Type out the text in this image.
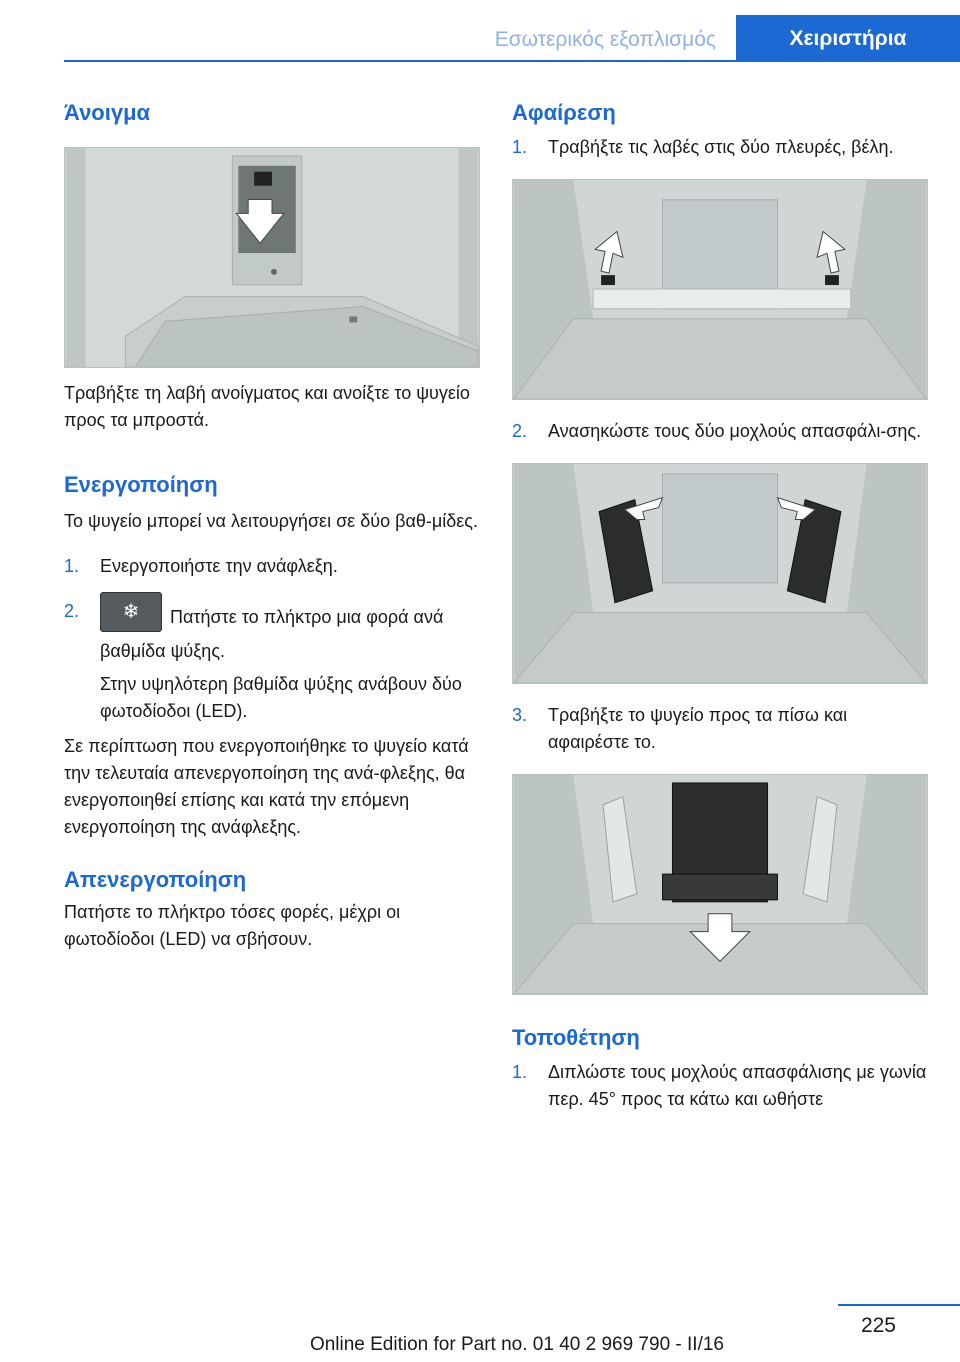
Εσωτερικός εξοπλισμός	Χειριστήρια
Άνοιγμα

Τραβήξτε τη λαβή ανοίγματος και ανοίξτε το ψυγείο προς τα μπροστά.

Ενεργοποίηση

Το ψυγείο μπορεί να λειτουργήσει σε δύο βαθ-μίδες.

1.	Ενεργοποιήστε την ανάφλεξη.
2.	❄ Πατήστε το πλήκτρο μια φορά ανά βαθμίδα ψύξης.

Στην υψηλότερη βαθμίδα ψύξης ανάβουν δύο φωτοδίοδοι (LED).

Σε περίπτωση που ενεργοποιήθηκε το ψυγείο κατά την τελευταία απενεργοποίηση της ανά-φλεξης, θα ενεργοποιηθεί επίσης και κατά την επόμενη ενεργοποίηση της ανάφλεξης.

Απενεργοποίηση

Πατήστε το πλήκτρο τόσες φορές, μέχρι οι φωτοδίοδοι (LED) να σβήσουν.

Αφαίρεση
1.	Τραβήξτε τις λαβές στις δύο πλευρές, βέλη.
2.	Ανασηκώστε τους δύο μοχλούς απασφάλι-σης.
3.	Τραβήξτε το ψυγείο προς τα πίσω και αφαιρέστε το.
Τοποθέτηση
1.	Διπλώστε τους μοχλούς απασφάλισης με γωνία περ. 45° προς τα κάτω και ωθήστε
225
Online Edition for Part no. 01 40 2 969 790 - II/16
